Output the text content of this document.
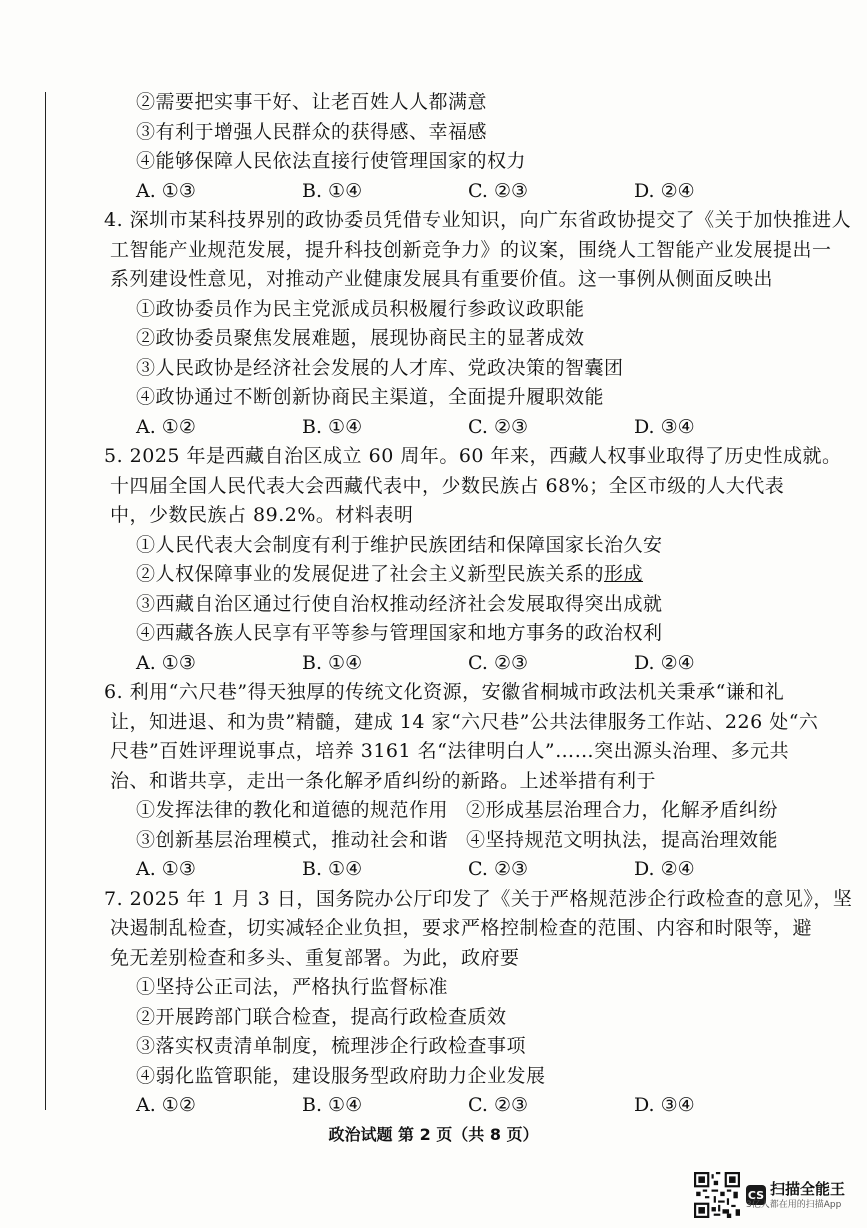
②需要把实事干好、让老百姓人人都满意
③有利于增强人民群众的获得感、幸福感
④能够保障人民依法直接行使管理国家的权力
A. ①③	B. ①④	C. ②③	D. ②④
4. 深圳市某科技界别的政协委员凭借专业知识，向广东省政协提交了《关于加快推进人
工智能产业规范发展，提升科技创新竞争力》的议案，围绕人工智能产业发展提出一
系列建设性意见，对推动产业健康发展具有重要价值。这一事例从侧面反映出
①政协委员作为民主党派成员积极履行参政议政职能
②政协委员聚焦发展难题，展现协商民主的显著成效
③人民政协是经济社会发展的人才库、党政决策的智囊团
④政协通过不断创新协商民主渠道，全面提升履职效能
A. ①②	B. ①④	C. ②③	D. ③④
5. 2025 年是西藏自治区成立 60 周年。60 年来，西藏人权事业取得了历史性成就。
十四届全国人民代表大会西藏代表中，少数民族占 68%；全区市级的人大代表
中，少数民族占 89.2%。材料表明
①人民代表大会制度有利于维护民族团结和保障国家长治久安
②人权保障事业的发展促进了社会主义新型民族关系的形成
③西藏自治区通过行使自治权推动经济社会发展取得突出成就
④西藏各族人民享有平等参与管理国家和地方事务的政治权利
A. ①③	B. ①④	C. ②③	D. ②④
6. 利用“六尺巷”得天独厚的传统文化资源，安徽省桐城市政法机关秉承“谦和礼
让，知进退、和为贵”精髓，建成 14 家“六尺巷”公共法律服务工作站、226 处“六
尺巷”百姓评理说事点，培养 3161 名“法律明白人”……突出源头治理、多元共
治、和谐共享，走出一条化解矛盾纠纷的新路。上述举措有利于
①发挥法律的教化和道德的规范作用 ②形成基层治理合力，化解矛盾纠纷
③创新基层治理模式，推动社会和谐 ④坚持规范文明执法，提高治理效能
A. ①③	B. ①④	C. ②③	D. ②④
7. 2025 年 1 月 3 日，国务院办公厅印发了《关于严格规范涉企行政检查的意见》，坚
决遏制乱检查，切实减轻企业负担，要求严格控制检查的范围、内容和时限等，避
免无差别检查和多头、重复部署。为此，政府要
①坚持公正司法，严格执行监督标准
②开展跨部门联合检查，提高行政检查质效
③落实权责清单制度，梳理涉企行政检查事项
④弱化监管职能，建设服务型政府助力企业发展
A. ①②	B. ①④	C. ②③	D. ③④
政治试题 第 2 页（共 8 页）
CS 扫描全能王
3亿人都在用的扫描App
